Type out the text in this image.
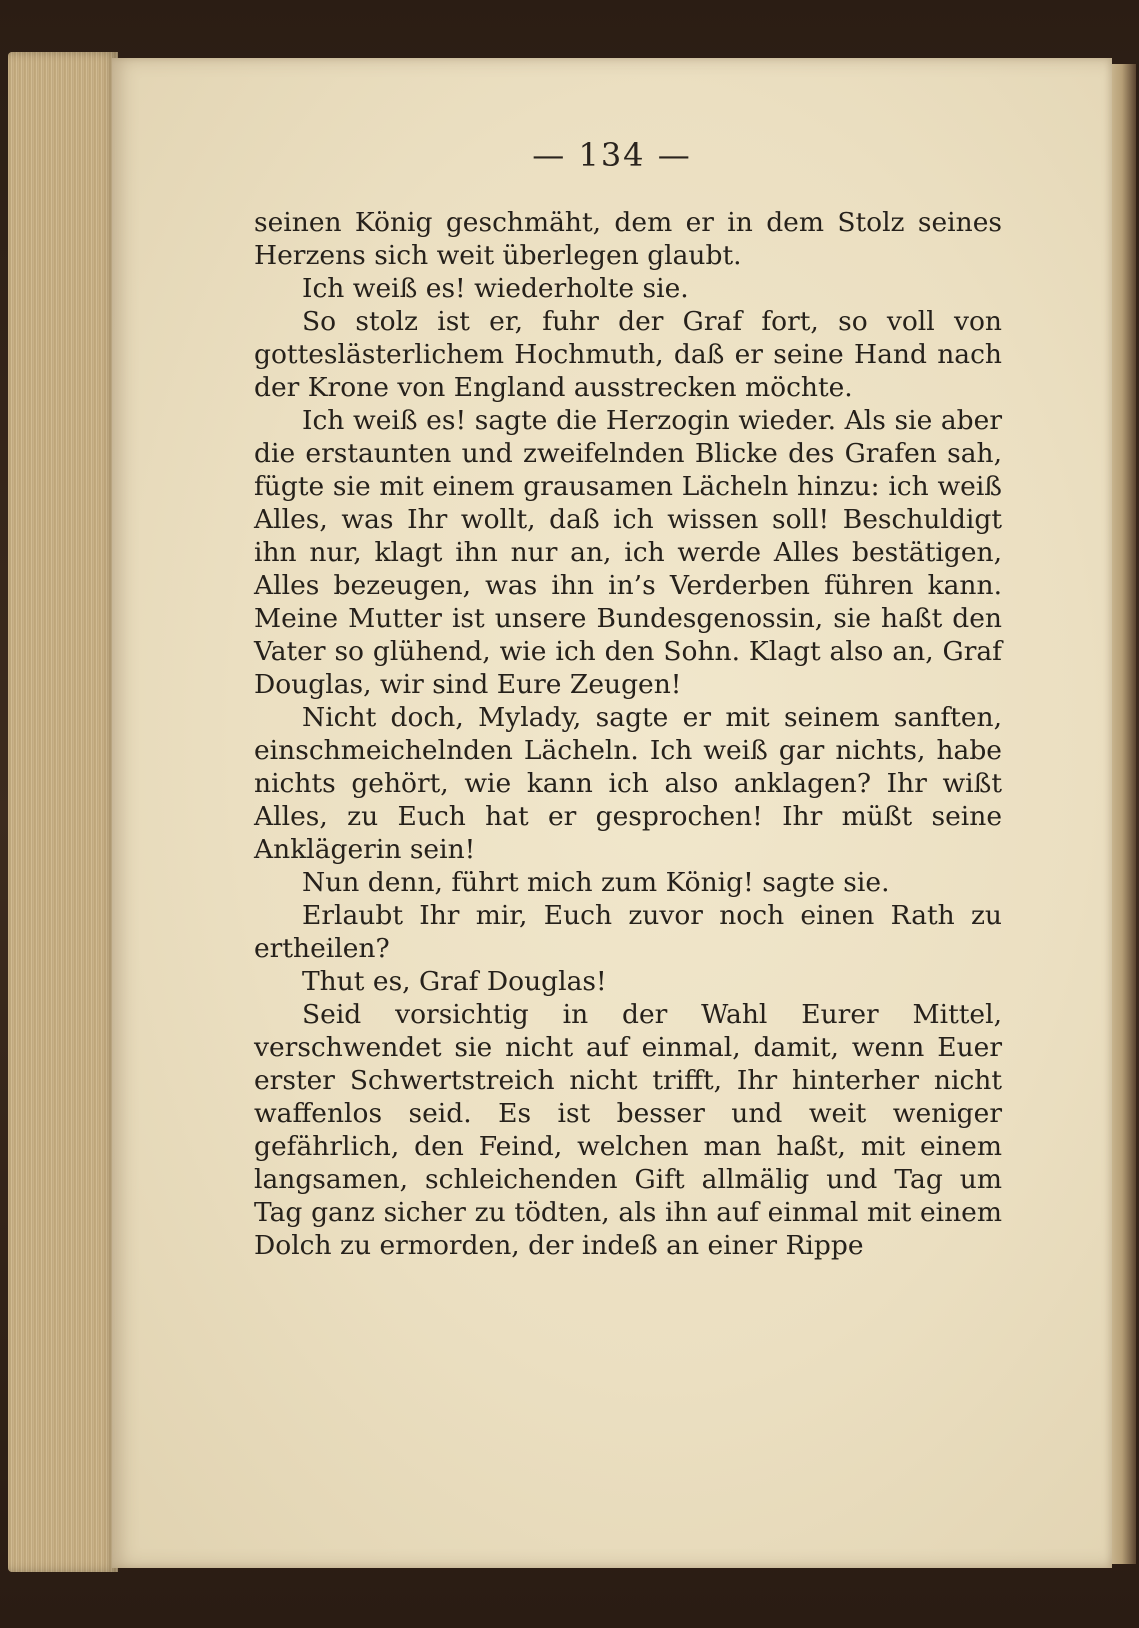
— 134 —

seinen König geschmäht, dem er in dem Stolz seines Herzens sich weit überlegen glaubt.

Ich weiß es! wiederholte sie.

So stolz ist er, fuhr der Graf fort, so voll von gotteslästerlichem Hochmuth, daß er seine Hand nach der Krone von England ausstrecken möchte.

Ich weiß es! sagte die Herzogin wieder. Als sie aber die erstaunten und zweifelnden Blicke des Grafen sah, fügte sie mit einem grausamen Lächeln hinzu: ich weiß Alles, was Ihr wollt, daß ich wissen soll! Beschuldigt ihn nur, klagt ihn nur an, ich werde Alles bestätigen, Alles bezeugen, was ihn in’s Verderben führen kann. Meine Mutter ist unsere Bundesgenossin, sie haßt den Vater so glühend, wie ich den Sohn. Klagt also an, Graf Douglas, wir sind Eure Zeugen!

Nicht doch, Mylady, sagte er mit seinem sanften, einschmeichelnden Lächeln. Ich weiß gar nichts, habe nichts gehört, wie kann ich also anklagen? Ihr wißt Alles, zu Euch hat er gesprochen! Ihr müßt seine Anklägerin sein!

Nun denn, führt mich zum König! sagte sie.

Erlaubt Ihr mir, Euch zuvor noch einen Rath zu ertheilen?

Thut es, Graf Douglas!

Seid vorsichtig in der Wahl Eurer Mittel, verschwendet sie nicht auf einmal, damit, wenn Euer erster Schwertstreich nicht trifft, Ihr hinterher nicht waffenlos seid. Es ist besser und weit weniger gefährlich, den Feind, welchen man haßt, mit einem langsamen, schleichenden Gift allmälig und Tag um Tag ganz sicher zu tödten, als ihn auf einmal mit einem Dolch zu ermorden, der indeß an einer Rippe
